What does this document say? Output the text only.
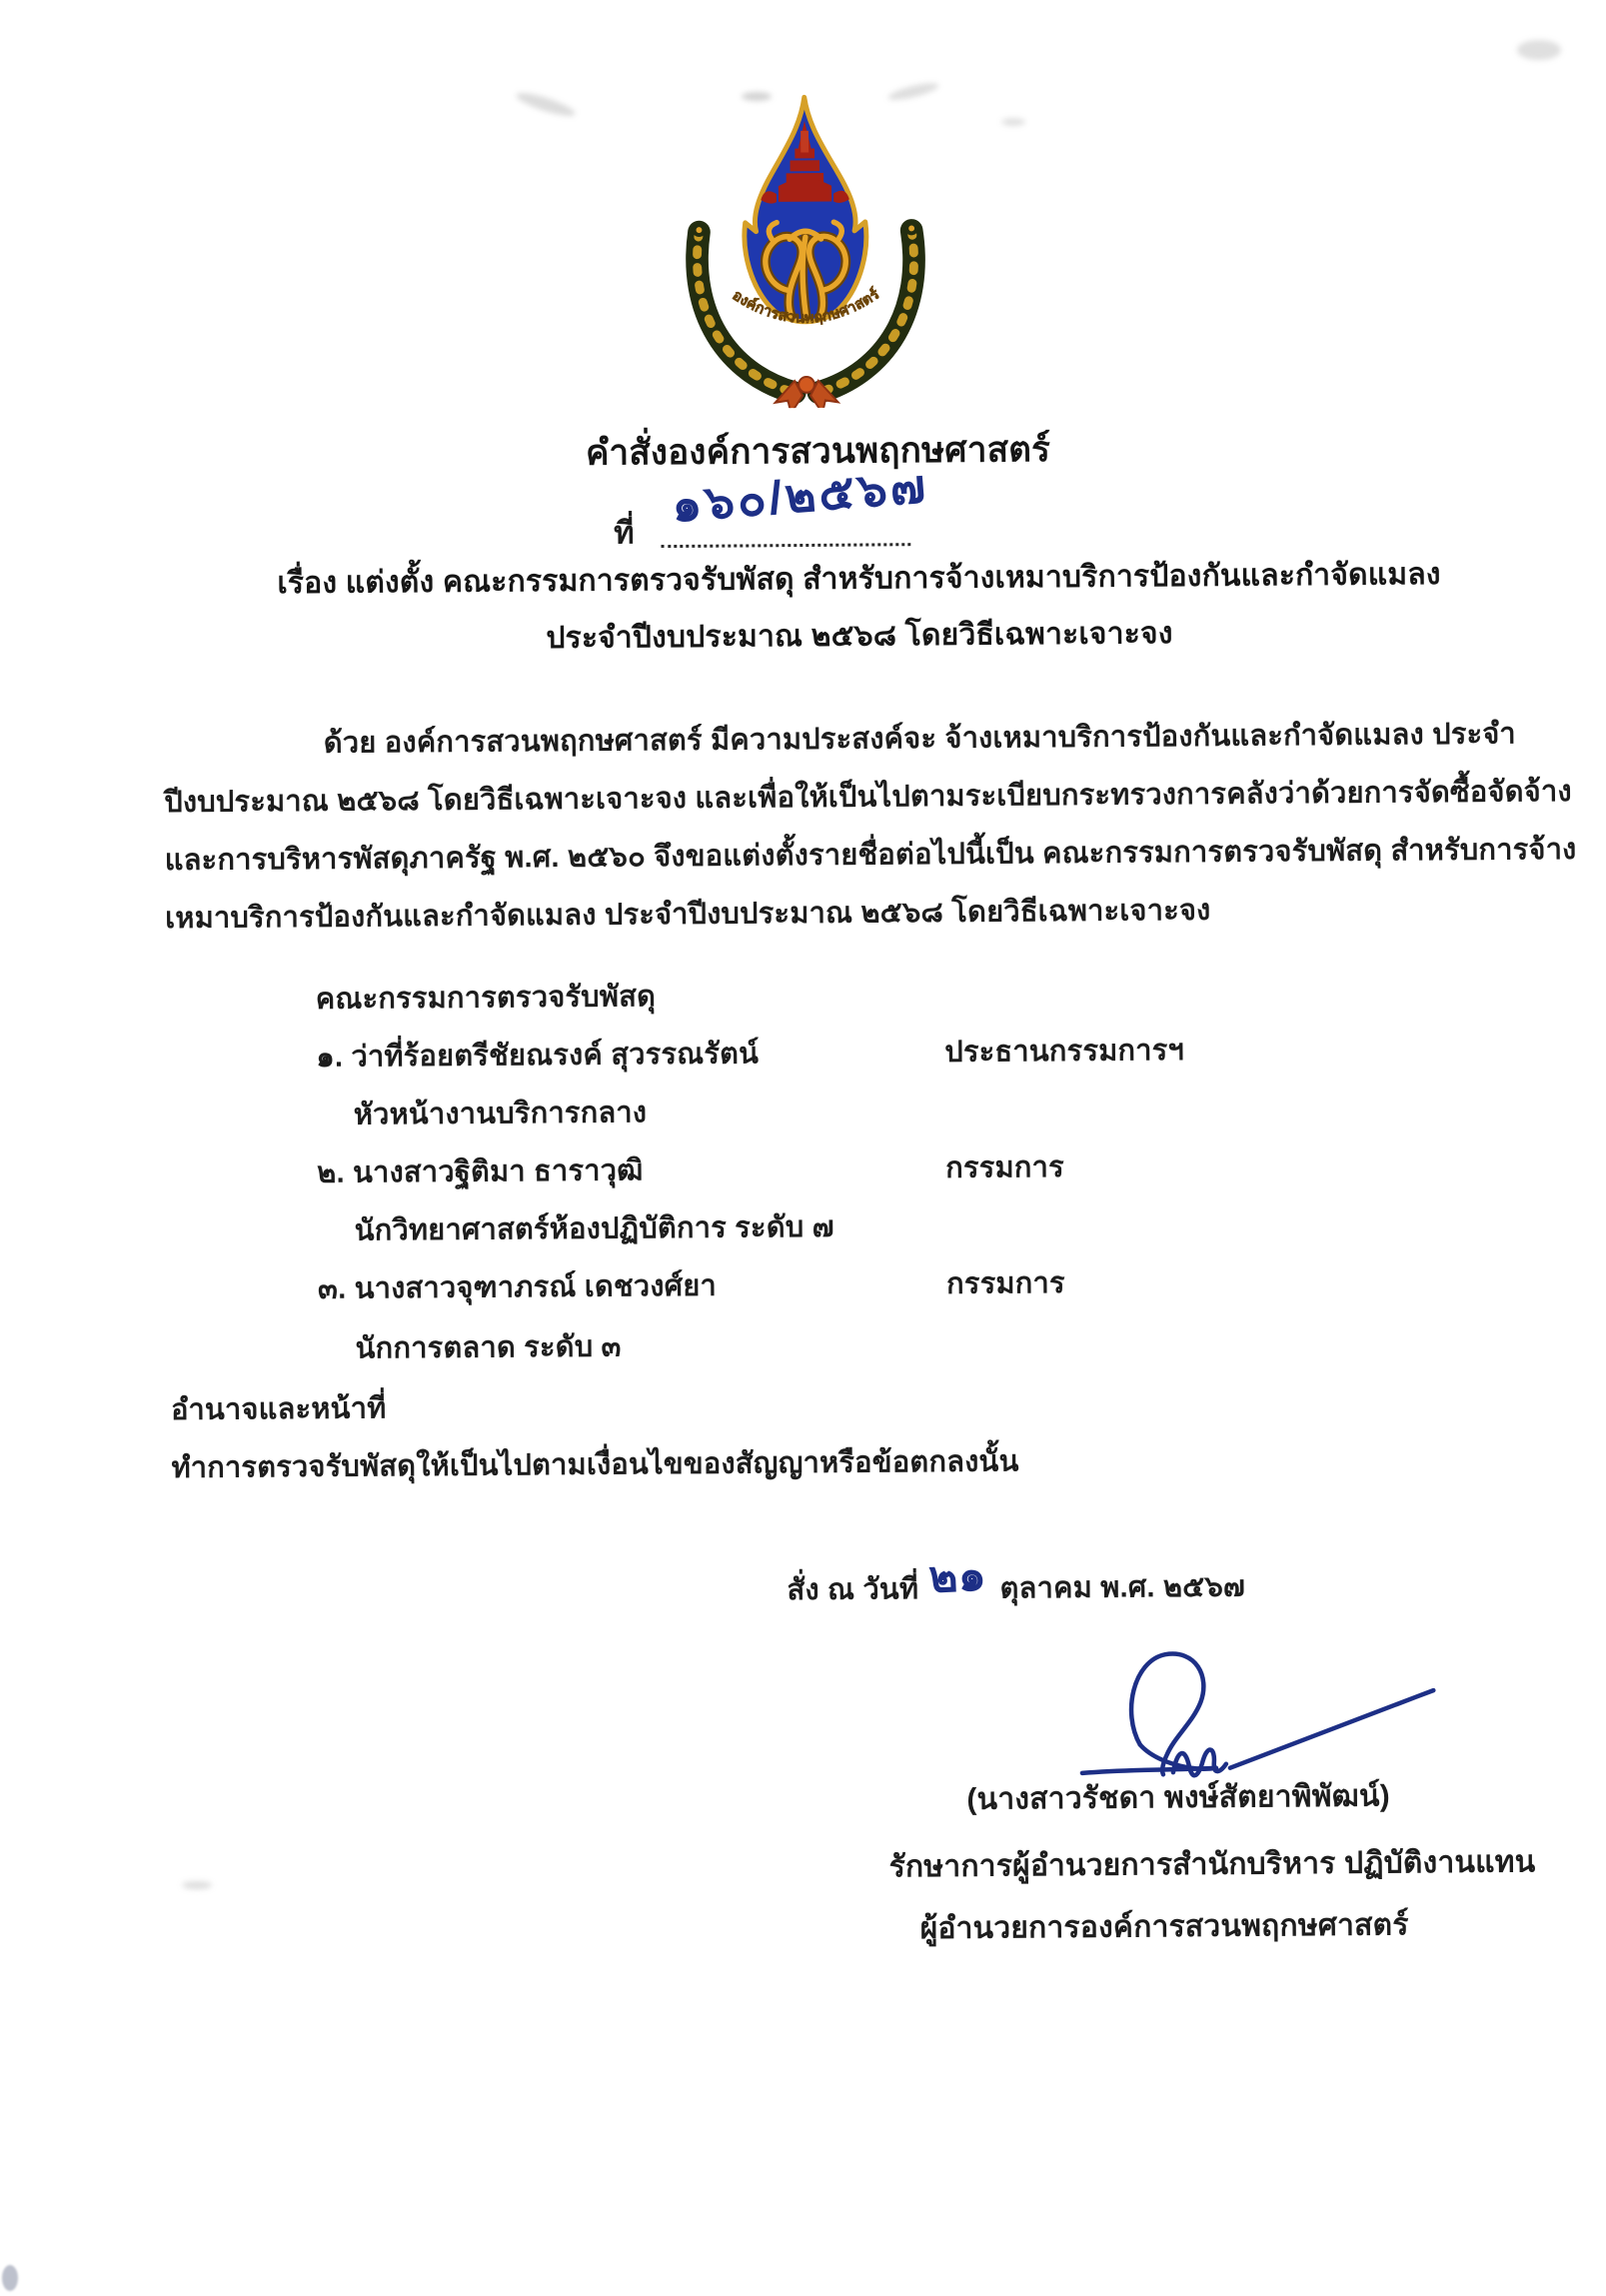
องค์การสวนพฤกษศาสตร์
คำสั่งองค์การสวนพฤกษศาสตร์
ที่
๑๖๐/๒๕๖๗
เรื่อง แต่งตั้ง คณะกรรมการตรวจรับพัสดุ สำหรับการจ้างเหมาบริการป้องกันและกำจัดแมลง
ประจำปีงบประมาณ ๒๕๖๘ โดยวิธีเฉพาะเจาะจง
ด้วย องค์การสวนพฤกษศาสตร์ มีความประสงค์จะ จ้างเหมาบริการป้องกันและกำจัดแมลง ประจำ
ปีงบประมาณ ๒๕๖๘ โดยวิธีเฉพาะเจาะจง และเพื่อให้เป็นไปตามระเบียบกระทรวงการคลังว่าด้วยการจัดซื้อจัดจ้าง
และการบริหารพัสดุภาครัฐ พ.ศ. ๒๕๖๐ จึงขอแต่งตั้งรายชื่อต่อไปนี้เป็น คณะกรรมการตรวจรับพัสดุ สำหรับการจ้าง
เหมาบริการป้องกันและกำจัดแมลง ประจำปีงบประมาณ ๒๕๖๘ โดยวิธีเฉพาะเจาะจง
คณะกรรมการตรวจรับพัสดุ
๑. ว่าที่ร้อยตรีชัยณรงค์ สุวรรณรัตน์	ประธานกรรมการฯ
หัวหน้างานบริการกลาง
๒. นางสาวฐิติมา ธาราวุฒิ	กรรมการ
นักวิทยาศาสตร์ห้องปฏิบัติการ ระดับ ๗
๓. นางสาวจุฑาภรณ์ เดชวงศ์ยา	กรรมการ
นักการตลาด ระดับ ๓
อำนาจและหน้าที่
ทำการตรวจรับพัสดุให้เป็นไปตามเงื่อนไขของสัญญาหรือข้อตกลงนั้น
สั่ง ณ วันที่ ๒๑ ตุลาคม พ.ศ. ๒๕๖๗
(นางสาวรัชดา พงษ์สัตยาพิพัฒน์)
รักษาการผู้อำนวยการสำนักบริหาร ปฏิบัติงานแทน
ผู้อำนวยการองค์การสวนพฤกษศาสตร์
